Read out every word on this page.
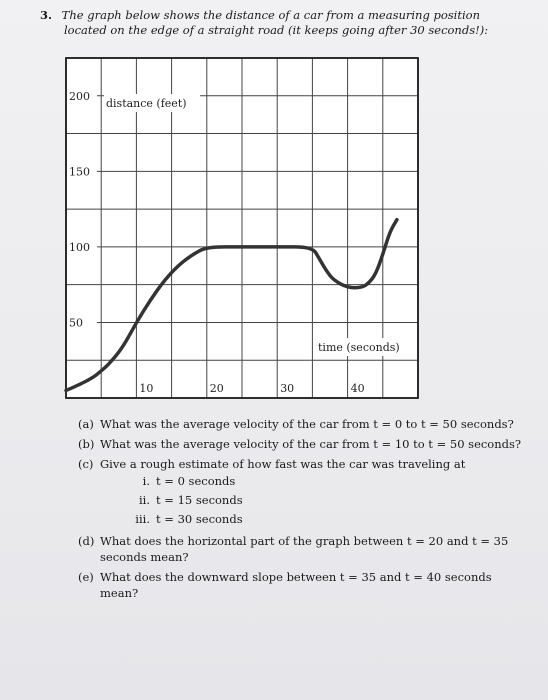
3. The graph below shows the distance of a car from a measuring position
located on the edge of a straight road (it keeps going after 30 seconds!):
200
150
100
50
10	20	30	40
distance (feet)
time (seconds)
(a) What was the average velocity of the car from t = 0 to t = 50 seconds?
(b) What was the average velocity of the car from t = 10 to t = 50 seconds?
(c) Give a rough estimate of how fast was the car was traveling at
i. t = 0 seconds
ii. t = 15 seconds
iii. t = 30 seconds
(d) What does the horizontal part of the graph between t = 20 and t = 35 seconds mean?
(e) What does the downward slope between t = 35 and t = 40 seconds mean?
